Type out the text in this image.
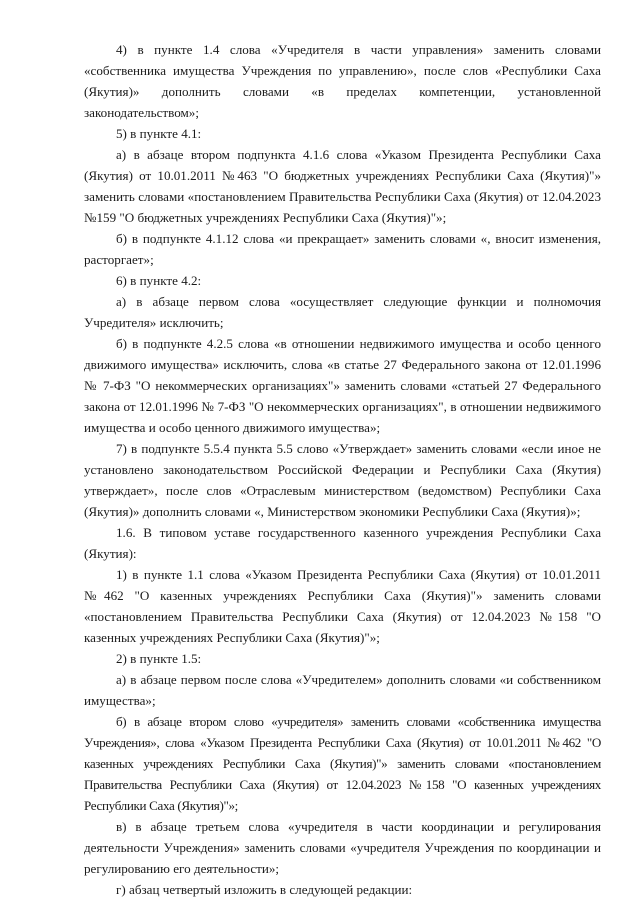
4) в пункте 1.4 слова «Учредителя в части управления» заменить словами «собственника имущества Учреждения по управлению», после слов «Республики Саха (Якутия)» дополнить словами «в пределах компетенции, установленной законодательством»;

5) в пункте 4.1:

а) в абзаце втором подпункта 4.1.6 слова «Указом Президента Республики Саха (Якутия) от 10.01.2011 №463 "О бюджетных учреждениях Республики Саха (Якутия)"» заменить словами «постановлением Правительства Республики Саха (Якутия) от 12.04.2023 №159 "О бюджетных учреждениях Республики Саха (Якутия)"»;

б) в подпункте 4.1.12 слова «и прекращает» заменить словами «, вносит изменения, расторгает»;

6) в пункте 4.2:

а) в абзаце первом слова «осуществляет следующие функции и полномочия Учредителя» исключить;

б) в подпункте 4.2.5 слова «в отношении недвижимого имущества и особо ценного движимого имущества» исключить, слова «в статье 27 Федерального закона от 12.01.1996 № 7-ФЗ "О некоммерческих организациях"» заменить словами «статьей 27 Федерального закона от 12.01.1996 № 7-ФЗ "О некоммерческих организациях", в отношении недвижимого имущества и особо ценного движимого имущества»;

7) в подпункте 5.5.4 пункта 5.5 слово «Утверждает» заменить словами «если иное не установлено законодательством Российской Федерации и Республики Саха (Якутия) утверждает», после слов «Отраслевым министерством (ведомством) Республики Саха (Якутия)» дополнить словами «, Министерством экономики Республики Саха (Якутия)»;

1.6. В типовом уставе государственного казенного учреждения Республики Саха (Якутия):

1) в пункте 1.1 слова «Указом Президента Республики Саха (Якутия) от 10.01.2011 №462 "О казенных учреждениях Республики Саха (Якутия)"» заменить словами «постановлением Правительства Республики Саха (Якутия) от 12.04.2023 №158 "О казенных учреждениях Республики Саха (Якутия)"»;

2) в пункте 1.5:

а) в абзаце первом после слова «Учредителем» дополнить словами «и собственником имущества»;

б) в абзаце втором слово «учредителя» заменить словами «собственника имущества Учреждения», слова «Указом Президента Республики Саха (Якутия) от 10.01.2011 №462 "О казенных учреждениях Республики Саха (Якутия)"» заменить словами «постановлением Правительства Республики Саха (Якутия) от 12.04.2023 №158 "О казенных учреждениях Республики Саха (Якутия)"»;

в) в абзаце третьем слова «учредителя в части координации и регулирования деятельности Учреждения» заменить словами «учредителя Учреждения по координации и регулированию его деятельности»;

г) абзац четвертый изложить в следующей редакции:
